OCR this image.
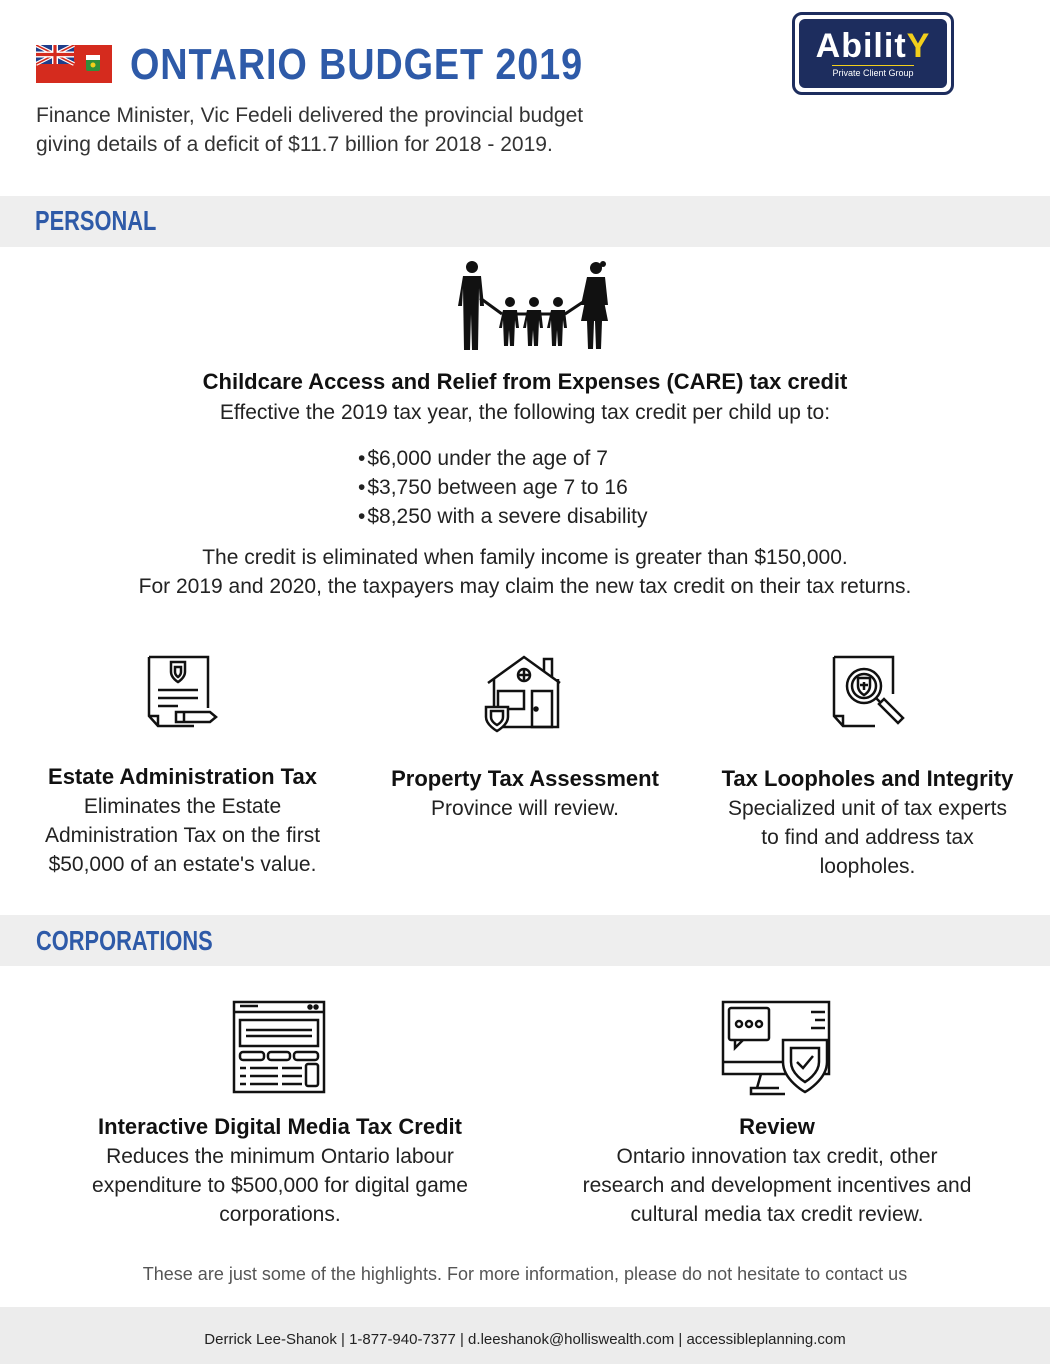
ONTARIO BUDGET 2019	AbilitY
Private Client Group
Finance Minister, Vic Fedeli delivered the provincial budget
giving details of a deficit of $11.7 billion for 2018 - 2019.
PERSONAL
Childcare Access and Relief from Expenses (CARE) tax credit
Effective the 2019 tax year, the following tax credit per child up to:
• $6,000 under the age of 7
• $3,750 between age 7 to 16
• $8,250 with a severe disability
The credit is eliminated when family income is greater than $150,000.
For 2019 and 2020, the taxpayers may claim the new tax credit on their tax returns.
Estate Administration Tax
Eliminates the Estate
Administration Tax on the first
$50,000 of an estate's value.
Property Tax Assessment
Province will review.
Tax Loopholes and Integrity
Specialized unit of tax experts
to find and address tax
loopholes.
CORPORATIONS
Interactive Digital Media Tax Credit
Reduces the minimum Ontario labour
expenditure to $500,000 for digital game
corporations.
Review
Ontario innovation tax credit, other
research and development incentives and
cultural media tax credit review.
These are just some of the highlights. For more information, please do not hesitate to contact us
Derrick Lee-Shanok | 1-877-940-7377 | d.leeshanok@holliswealth.com | accessibleplanning.com
